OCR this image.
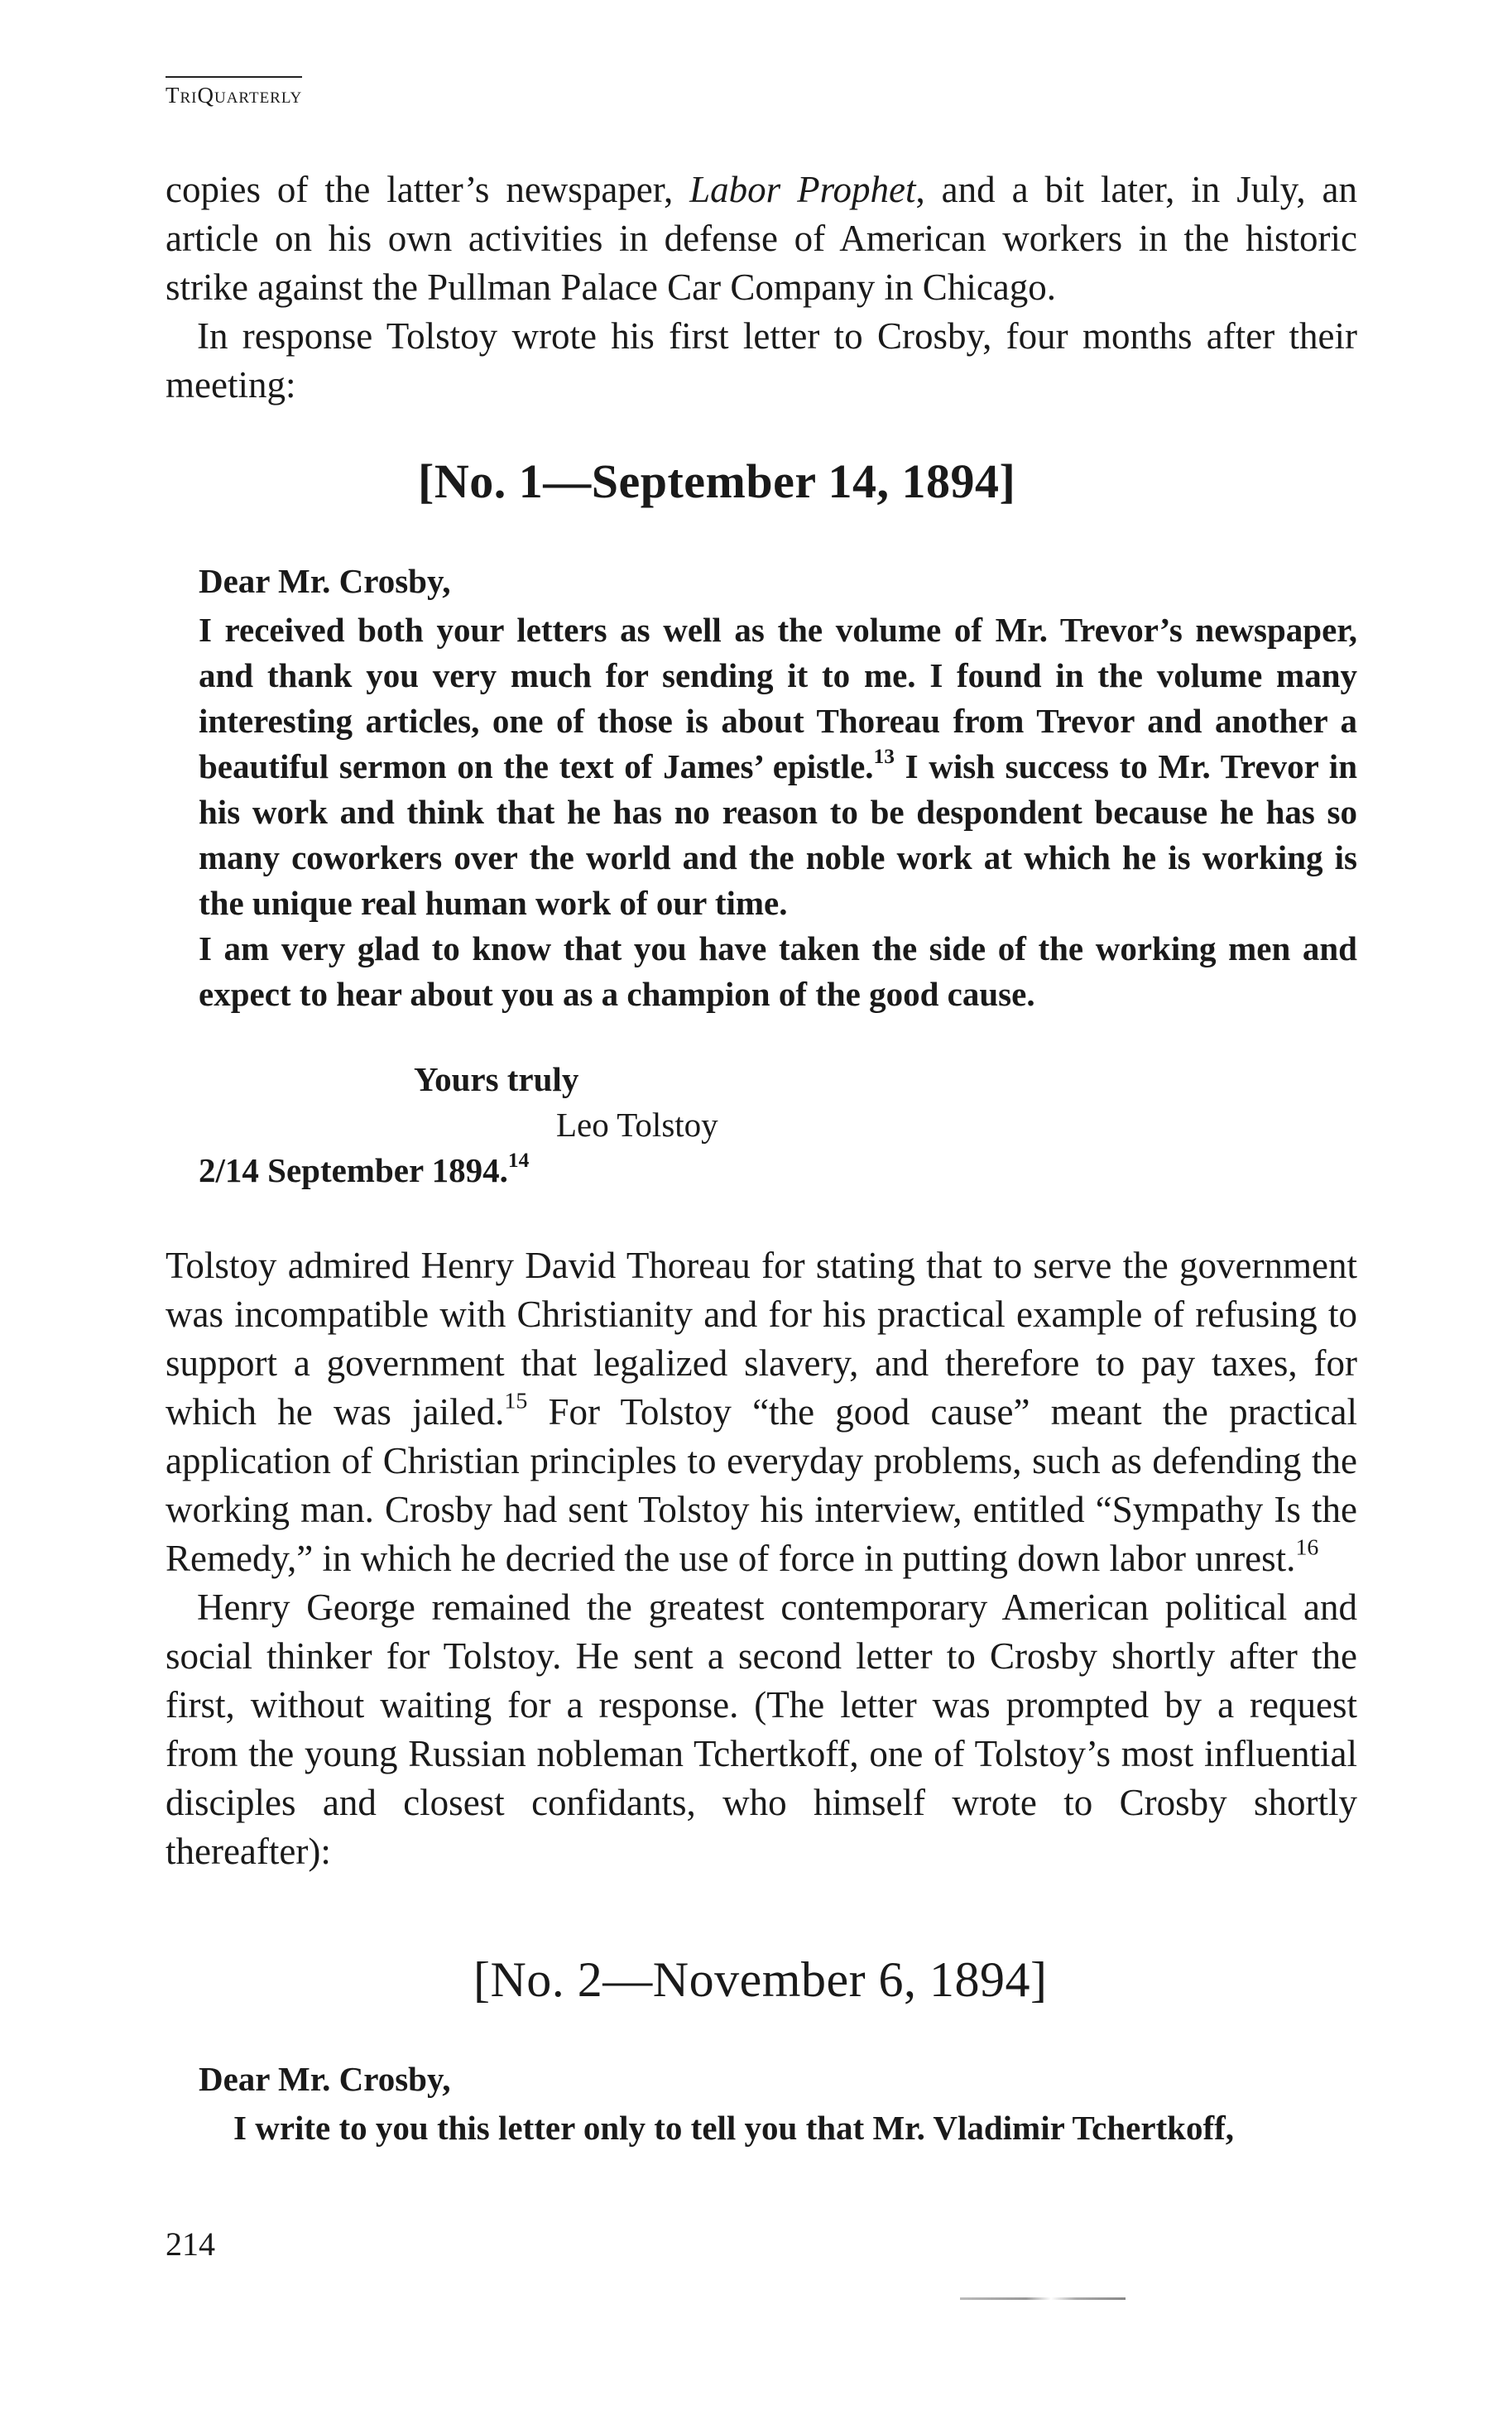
TriQuarterly

copies of the latter’s newspaper, Labor Prophet, and a bit later, in July, an article on his own activities in defense of American workers in the historic strike against the Pullman Palace Car Company in Chicago.

In response Tolstoy wrote his first letter to Crosby, four months after their meeting:

[No. 1—September 14, 1894]

Dear Mr. Crosby,

I received both your letters as well as the volume of Mr. Trevor’s newspaper, and thank you very much for sending it to me. I found in the volume many interesting articles, one of those is about Thoreau from Trevor and another a beautiful sermon on the text of James’ epistle.$^{13}$ I wish success to Mr. Trevor in his work and think that he has no reason to be despondent because he has so many coworkers over the world and the noble work at which he is working is the unique real human work of our time.

I am very glad to know that you have taken the side of the working men and expect to hear about you as a champion of the good cause.

Yours truly
Leo Tolstoy
2/14 September 1894.14

Tolstoy admired Henry David Thoreau for stating that to serve the government was incompatible with Christianity and for his practical example of refusing to support a government that legalized slavery, and therefore to pay taxes, for which he was jailed.$^{15}$ For Tolstoy “the good cause” meant the practical application of Christian principles to everyday problems, such as defending the working man. Crosby had sent Tolstoy his interview, entitled “Sympathy Is the Remedy,” in which he decried the use of force in putting down labor unrest.$^{16}$

Henry George remained the greatest contemporary American political and social thinker for Tolstoy. He sent a second letter to Crosby shortly after the first, without waiting for a response. (The letter was prompted by a request from the young Russian nobleman Tchertkoff, one of Tolstoy’s most influential disciples and closest confidants, who himself wrote to Crosby shortly thereafter):

[No. 2—November 6, 1894]

Dear Mr. Crosby,

I write to you this letter only to tell you that Mr. Vladimir Tchertkoff,

214
